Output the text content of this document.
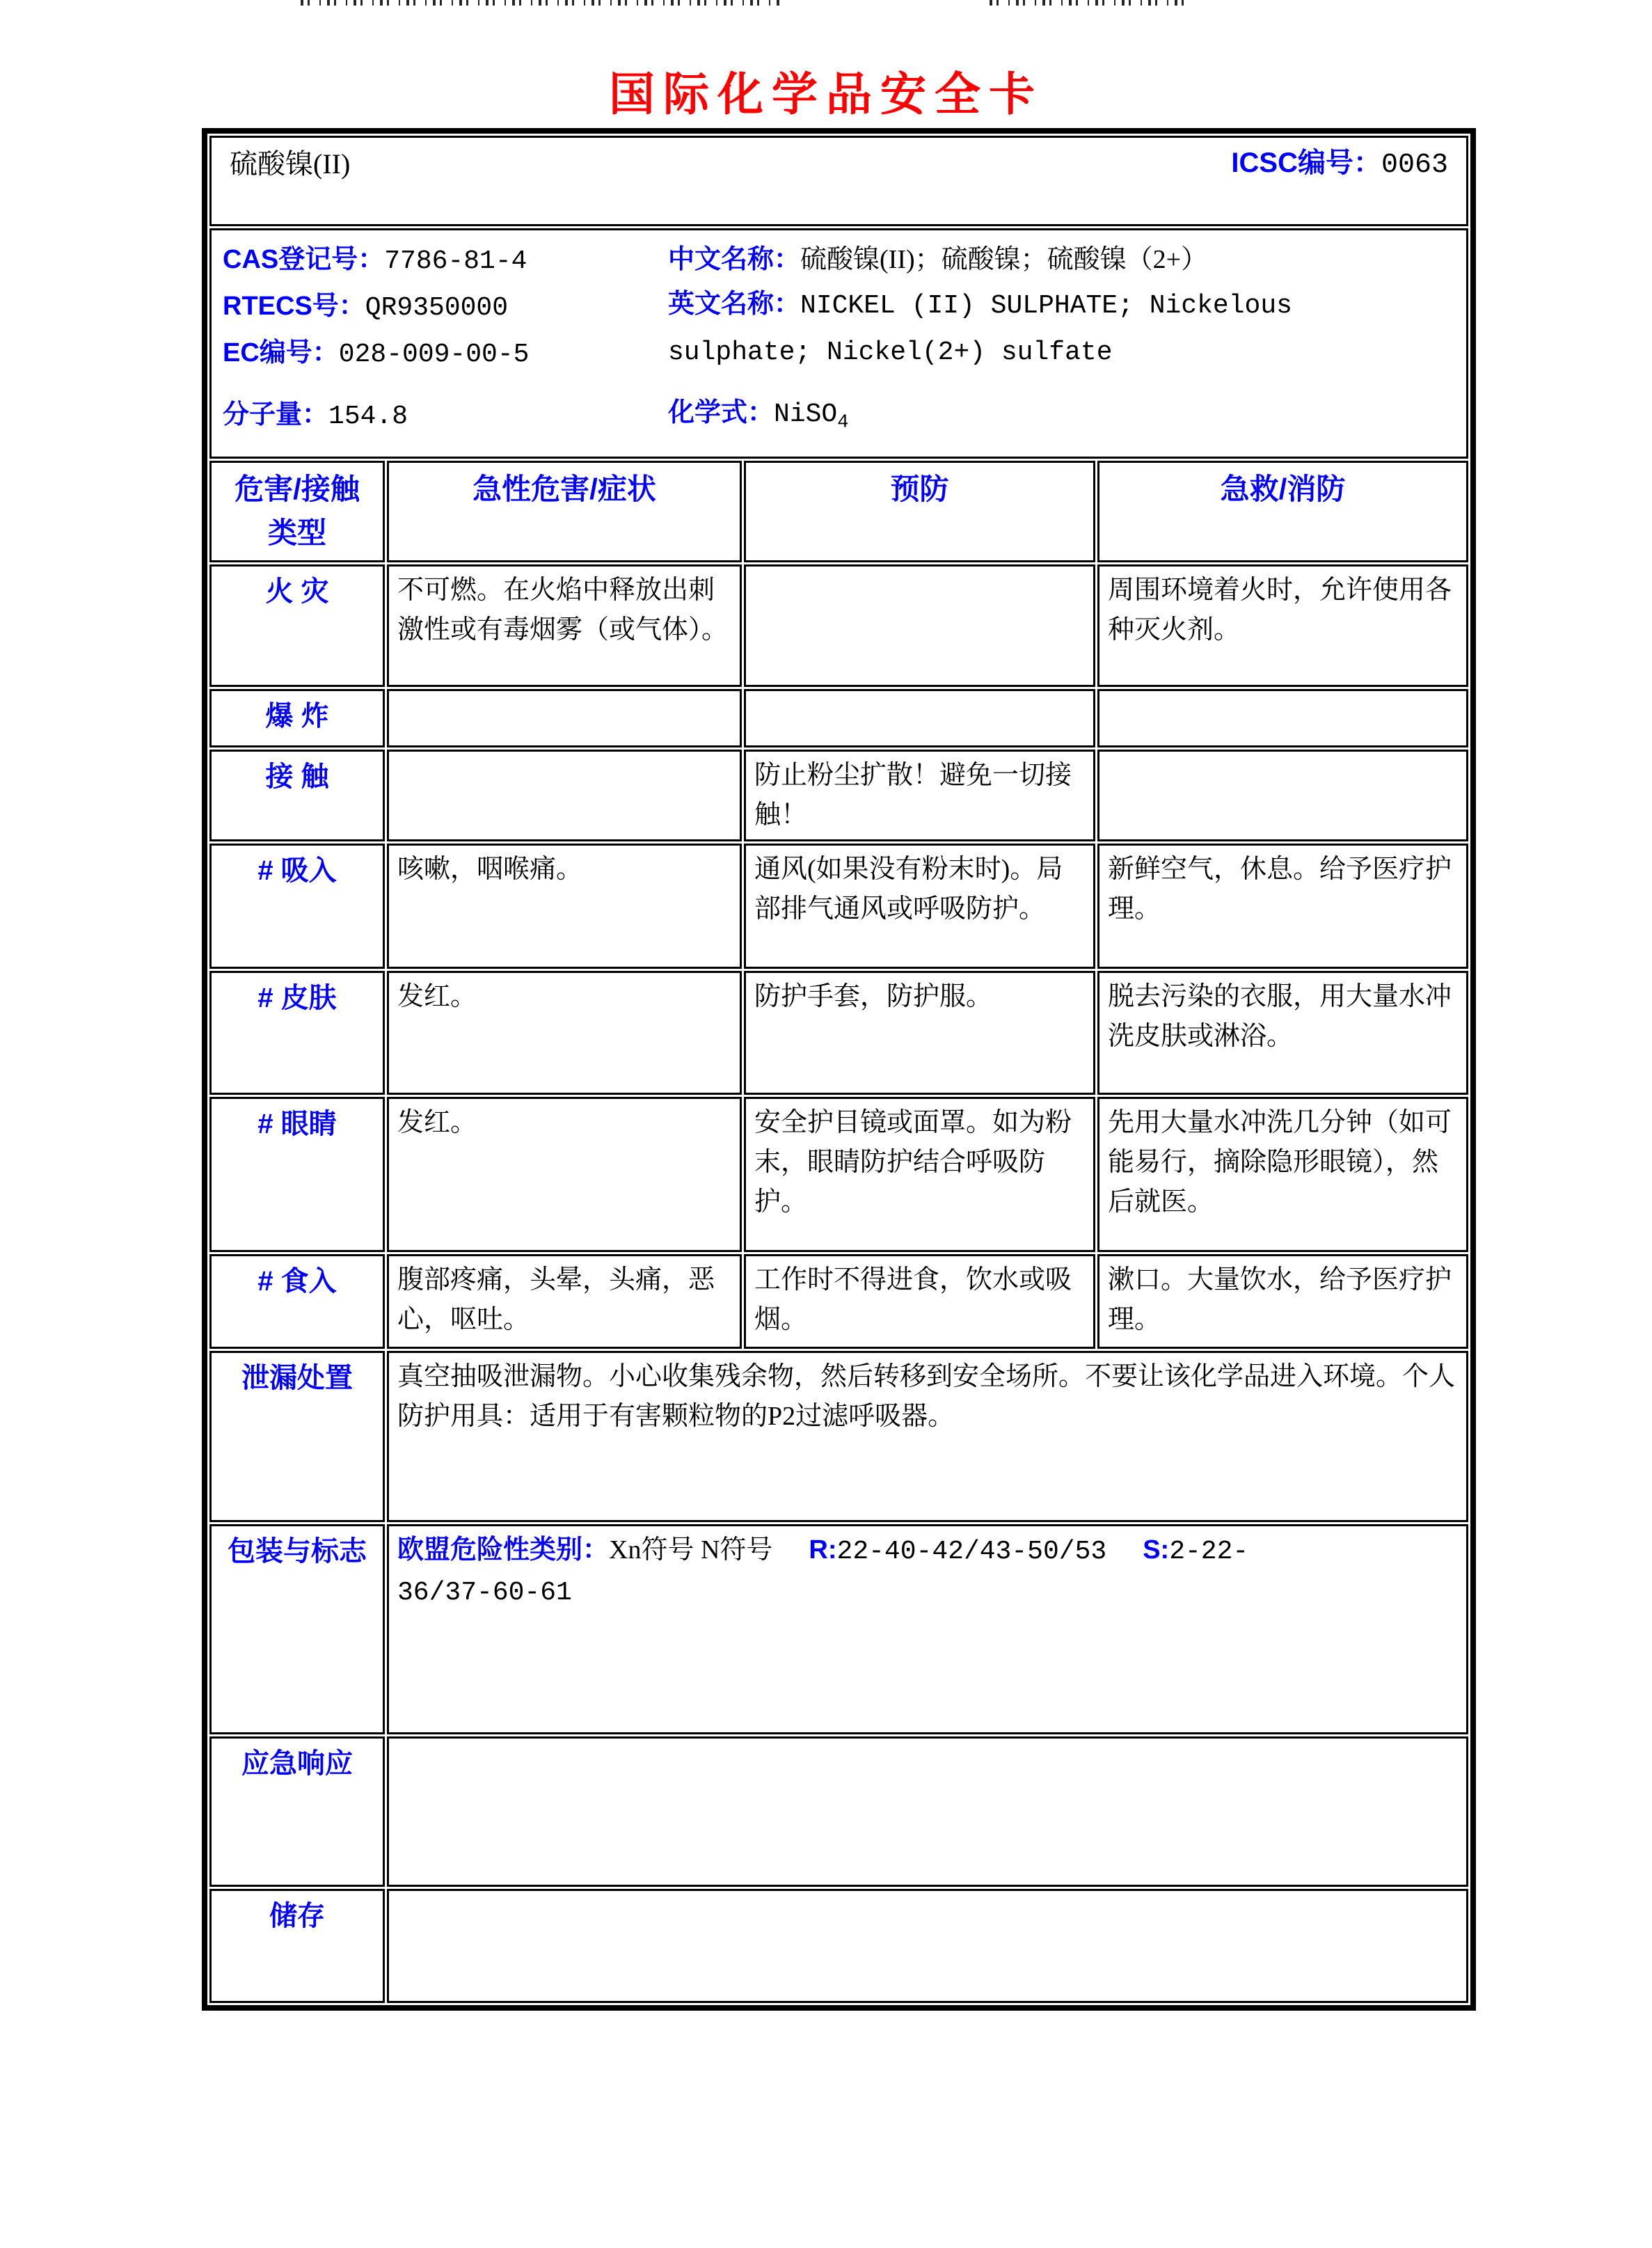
国际化学品安全卡
硫酸镍(II) ICSC编号：0063			

CAS登记号：7786-81-4
RTECS号：QR9350000
EC编号：028-009-00-5
分子量：154.8
中文名称：硫酸镍(II)；硫酸镍；硫酸镍（2+）
英文名称：NICKEL (II) SULPHATE; Nickelous sulphate; Nickel(2+) sulfate
化学式：NiSO$_4$

危害/接触
类型	急性危害/症状	预防	急救/消防
火 灾	不可燃。在火焰中释放出刺激性或有毒烟雾（或气体）。		周围环境着火时，允许使用各种灭火剂。
爆 炸			
接 触		防止粉尘扩散！避免一切接触！	
# 吸入	咳嗽，咽喉痛。	通风(如果没有粉末时)。局部排气通风或呼吸防护。	新鲜空气，休息。给予医疗护理。
# 皮肤	发红。	防护手套，防护服。	脱去污染的衣服，用大量水冲洗皮肤或淋浴。
# 眼睛	发红。	安全护目镜或面罩。如为粉末，眼睛防护结合呼吸防护。	先用大量水冲洗几分钟（如可能易行，摘除隐形眼镜），然后就医。
# 食入	腹部疼痛，头晕，头痛，恶心，呕吐。	工作时不得进食，饮水或吸烟。	漱口。大量饮水，给予医疗护理。
泄漏处置	真空抽吸泄漏物。小心收集残余物，然后转移到安全场所。不要让该化学品进入环境。个人防护用具：适用于有害颗粒物的P2过滤呼吸器。		
包装与标志	欧盟危险性类别：Xn符号 N符号 R:22-40-42/43-50/53 S:2-22-
36/37-60-61		
应急响应			
储存			
